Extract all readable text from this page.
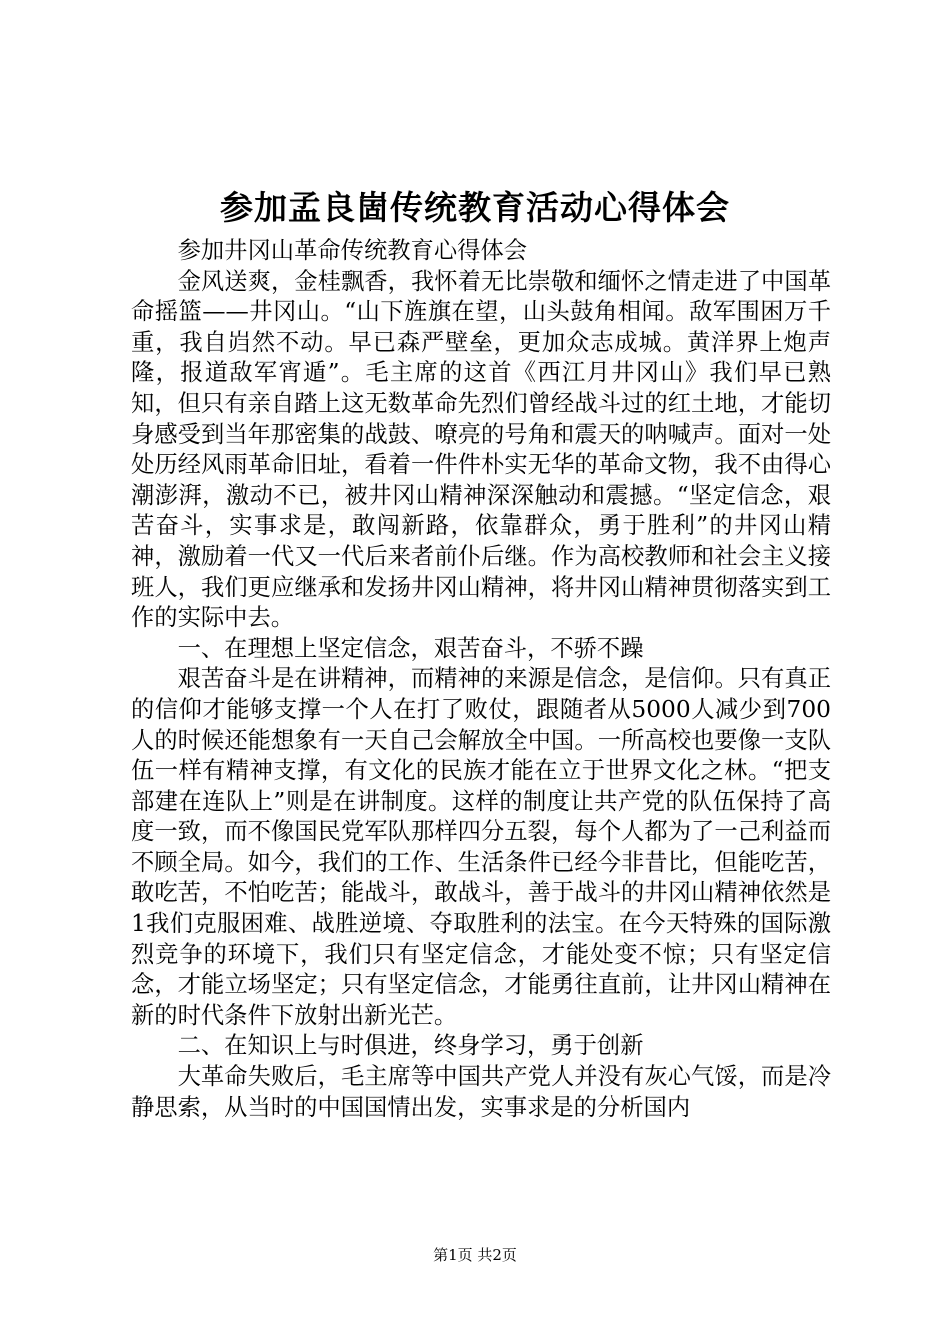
参加孟良崮传统教育活动心得体会

参加井冈山革命传统教育心得体会

金风送爽，金桂飘香，我怀着无比崇敬和缅怀之情走进了中国革命摇篮——井冈山。“山下旌旗在望，山头鼓角相闻。敌军围困万千重，我自岿然不动。早已森严壁垒，更加众志成城。黄洋界上炮声隆，报道敌军宵遁”。毛主席的这首《西江月井冈山》我们早已熟知，但只有亲自踏上这无数革命先烈们曾经战斗过的红土地，才能切身感受到当年那密集的战鼓、嘹亮的号角和震天的呐喊声。面对一处处历经风雨革命旧址，看着一件件朴实无华的革命文物，我不由得心潮澎湃，激动不已，被井冈山精神深深触动和震撼。“坚定信念，艰苦奋斗，实事求是，敢闯新路，依靠群众，勇于胜利”的井冈山精神，激励着一代又一代后来者前仆后继。作为高校教师和社会主义接班人，我们更应继承和发扬井冈山精神，将井冈山精神贯彻落实到工作的实际中去。

一、在理想上坚定信念，艰苦奋斗，不骄不躁

艰苦奋斗是在讲精神，而精神的来源是信念，是信仰。只有真正的信仰才能够支撑一个人在打了败仗，跟随者从5000人减少到700人的时候还能想象有一天自己会解放全中国。一所高校也要像一支队伍一样有精神支撑，有文化的民族才能在立于世界文化之林。“把支部建在连队上”则是在讲制度。这样的制度让共产党的队伍保持了高度一致，而不像国民党军队那样四分五裂，每个人都为了一己利益而不顾全局。如今，我们的工作、生活条件已经今非昔比，但能吃苦，敢吃苦，不怕吃苦；能战斗，敢战斗，善于战斗的井冈山精神依然是1我们克服困难、战胜逆境、夺取胜利的法宝。在今天特殊的国际激烈竞争的环境下，我们只有坚定信念，才能处变不惊；只有坚定信念，才能立场坚定；只有坚定信念，才能勇往直前，让井冈山精神在新的时代条件下放射出新光芒。

二、在知识上与时俱进，终身学习，勇于创新

大革命失败后，毛主席等中国共产党人并没有灰心气馁，而是冷静思索，从当时的中国国情出发，实事求是的分析国内

第1页 共2页
